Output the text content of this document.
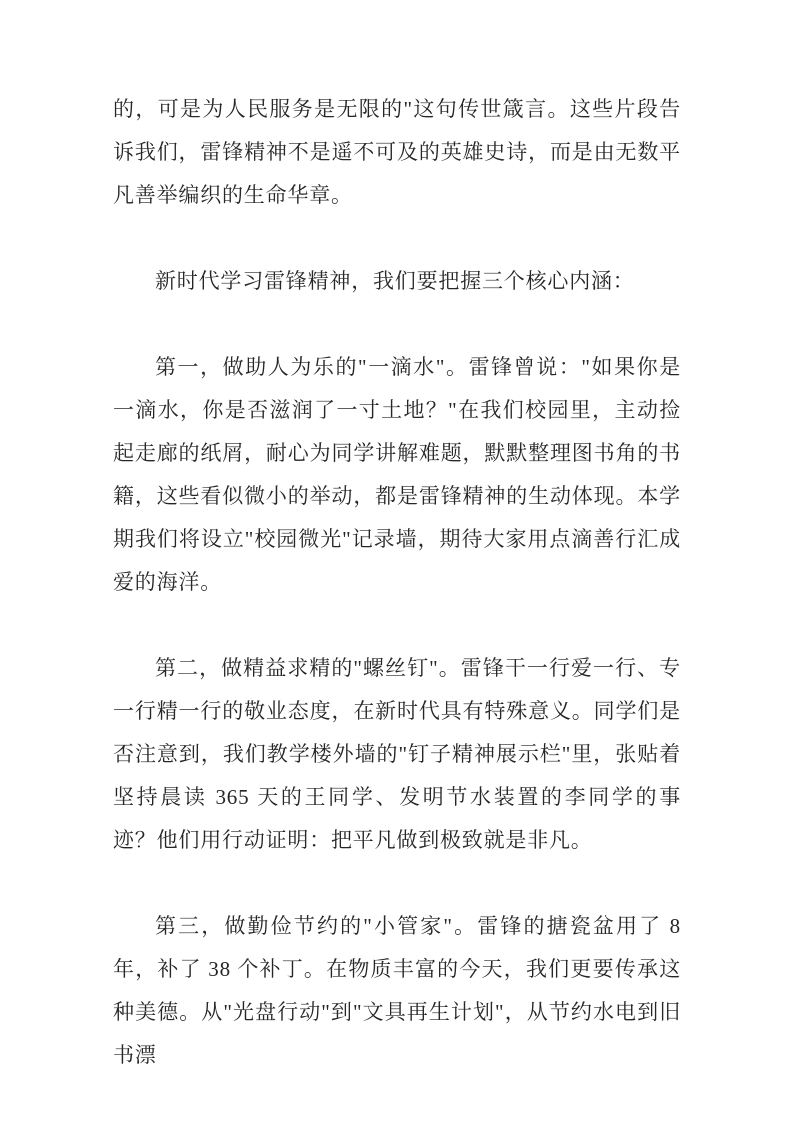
的，可是为人民服务是无限的"这句传世箴言。这些片段告诉我们，雷锋精神不是遥不可及的英雄史诗，而是由无数平凡善举编织的生命华章。

新时代学习雷锋精神，我们要把握三个核心内涵：

第一，做助人为乐的"一滴水"。雷锋曾说："如果你是一滴水，你是否滋润了一寸土地？"在我们校园里，主动捡起走廊的纸屑，耐心为同学讲解难题，默默整理图书角的书籍，这些看似微小的举动，都是雷锋精神的生动体现。本学期我们将设立"校园微光"记录墙，期待大家用点滴善行汇成爱的海洋。

第二，做精益求精的"螺丝钉"。雷锋干一行爱一行、专一行精一行的敬业态度，在新时代具有特殊意义。同学们是否注意到，我们教学楼外墙的"钉子精神展示栏"里，张贴着坚持晨读 365 天的王同学、发明节水装置的李同学的事迹？他们用行动证明：把平凡做到极致就是非凡。

第三，做勤俭节约的"小管家"。雷锋的搪瓷盆用了 8 年，补了 38 个补丁。在物质丰富的今天，我们更要传承这种美德。从"光盘行动"到"文具再生计划"，从节约水电到旧书漂
